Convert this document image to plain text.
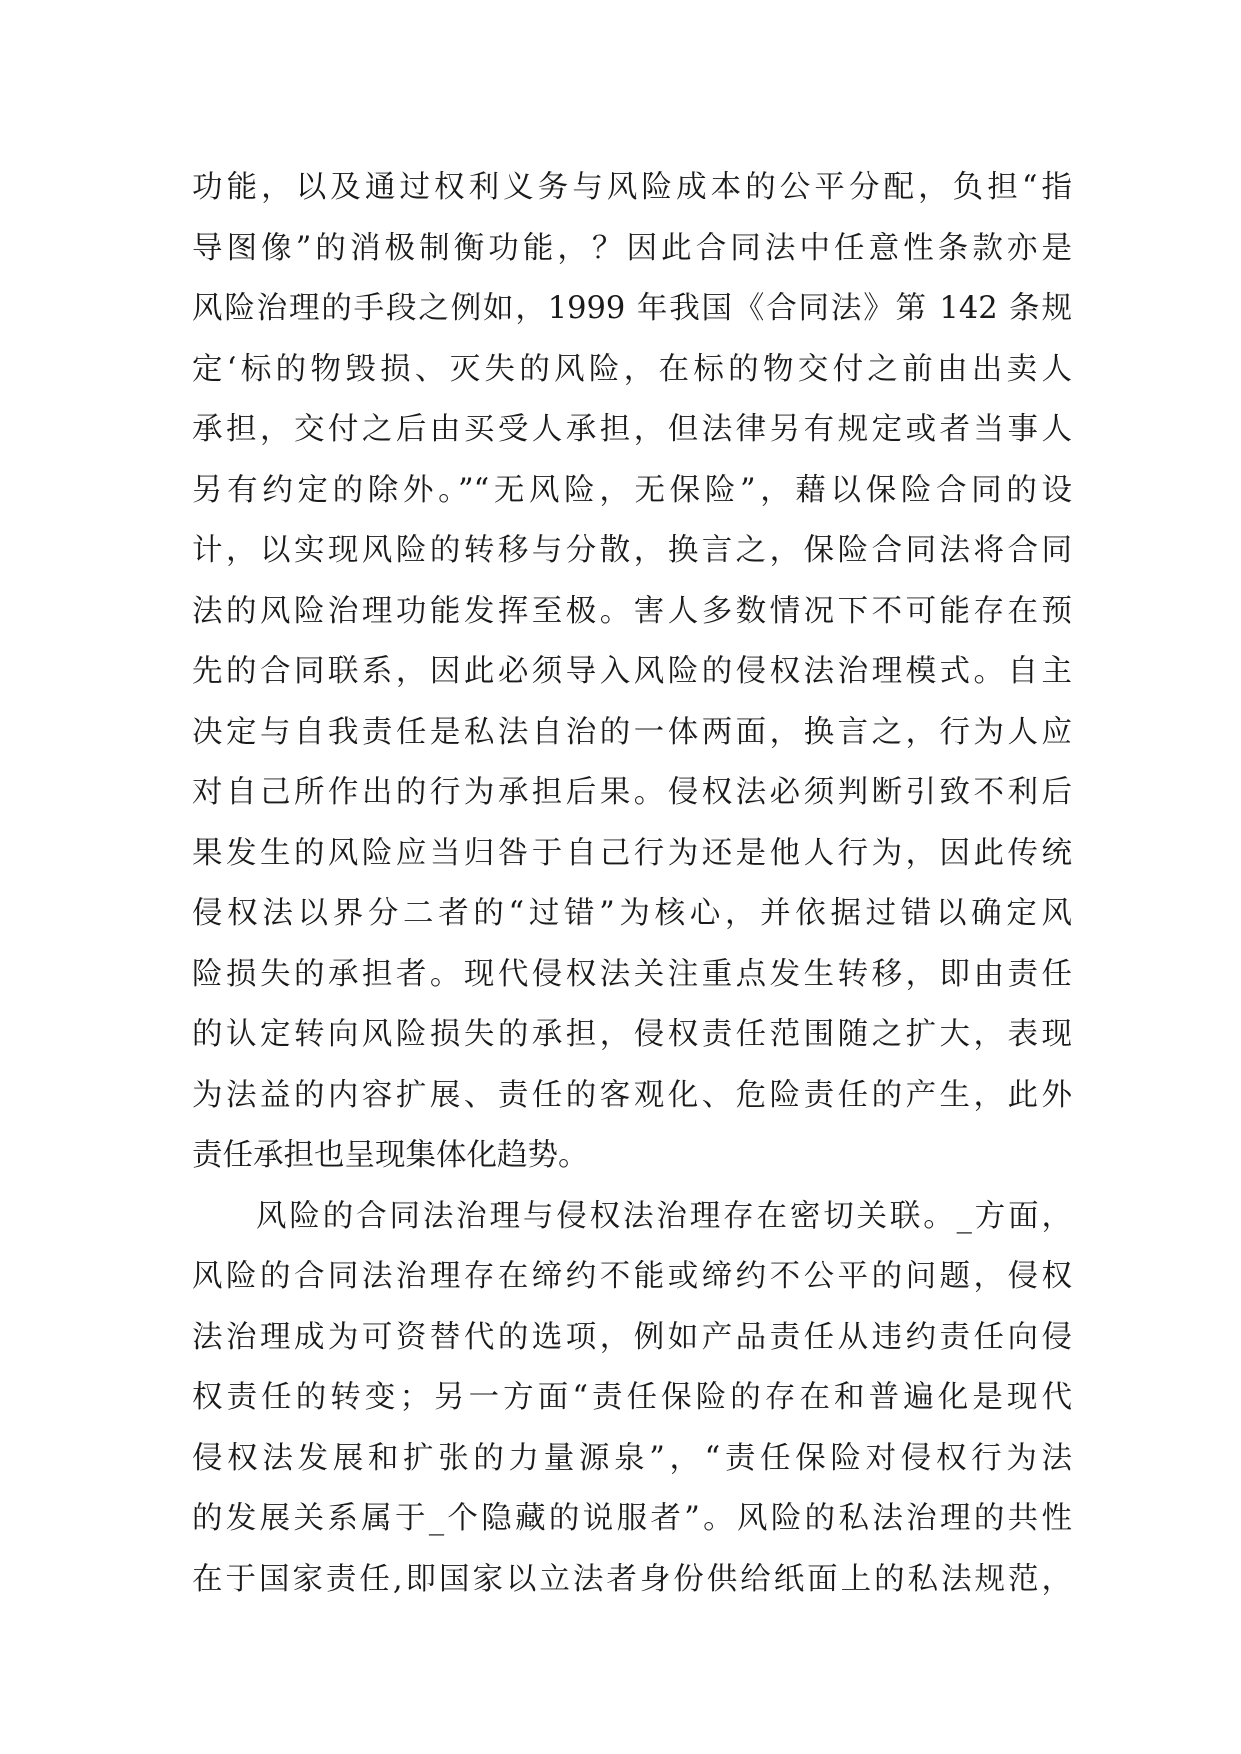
功能，以及通过权利义务与风险成本的公平分配，负担“指
导图像”的消极制衡功能，？因此合同法中任意性条款亦是
风险治理的手段之例如，1999 年我国《合同法》第 142 条规
定‘标的物毁损、灭失的风险，在标的物交付之前由出卖人
承担，交付之后由买受人承担，但法律另有规定或者当事人
另有约定的除外。”“无风险，无保险”，藉以保险合同的设
计，以实现风险的转移与分散，换言之，保险合同法将合同
法的风险治理功能发挥至极。害人多数情况下不可能存在预
先的合同联系，因此必须导入风险的侵权法治理模式。自主
决定与自我责任是私法自治的一体两面，换言之，行为人应
对自己所作出的行为承担后果。侵权法必须判断引致不利后
果发生的风险应当归咎于自己行为还是他人行为，因此传统
侵权法以界分二者的“过错”为核心，并依据过错以确定风
险损失的承担者。现代侵权法关注重点发生转移，即由责任
的认定转向风险损失的承担，侵权责任范围随之扩大，表现
为法益的内容扩展、责任的客观化、危险责任的产生，此外
责任承担也呈现集体化趋势。
风险的合同法治理与侵权法治理存在密切关联。_方面，
风险的合同法治理存在缔约不能或缔约不公平的问题，侵权
法治理成为可资替代的选项，例如产品责任从违约责任向侵
权责任的转变；另一方面“责任保险的存在和普遍化是现代
侵权法发展和扩张的力量源泉”，“责任保险对侵权行为法
的发展关系属于_个隐藏的说服者”。风险的私法治理的共性
在于国家责任,即国家以立法者身份供给纸面上的私法规范，
